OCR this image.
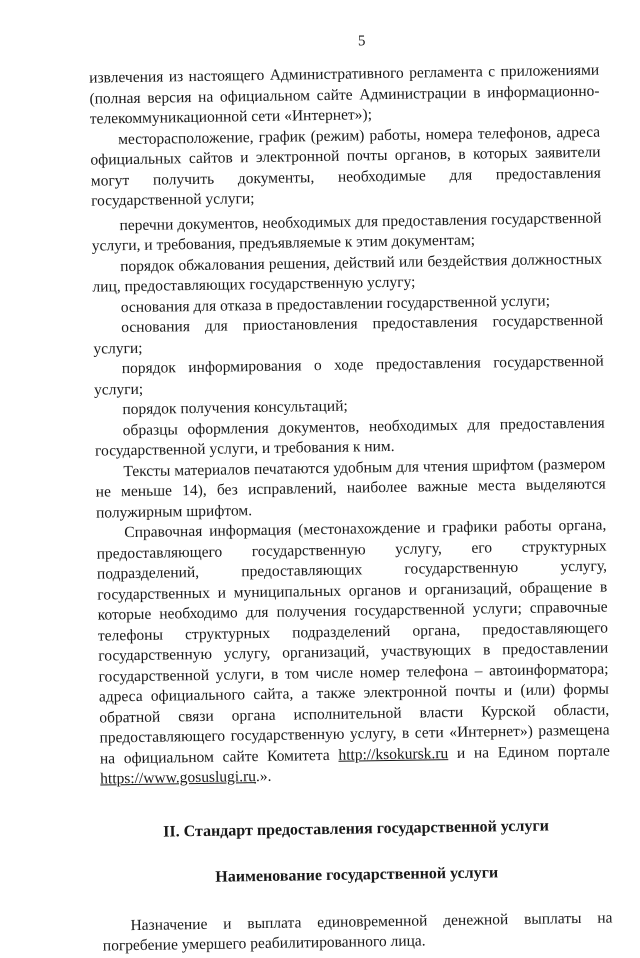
5

извлечения из настоящего Административного регламента с приложениями (полная версия на официальном сайте Администрации в информационно-телекоммуникационной сети «Интернет»);

месторасположение, график (режим) работы, номера телефонов, адреса официальных сайтов и электронной почты органов, в которых заявители могут получить документы, необходимые для предоставления государственной услуги;

перечни документов, необходимых для предоставления государственной услуги, и требования, предъявляемые к этим документам;

порядок обжалования решения, действий или бездействия должностных лиц, предоставляющих государственную услугу;

основания для отказа в предоставлении государственной услуги;

основания для приостановления предоставления государственной услуги;

порядок информирования о ходе предоставления государственной услуги;

порядок получения консультаций;

образцы оформления документов, необходимых для предоставления государственной услуги, и требования к ним.

Тексты материалов печатаются удобным для чтения шрифтом (размером не меньше 14), без исправлений, наиболее важные места выделяются полужирным шрифтом.

Справочная информация (местонахождение и графики работы органа, предоставляющего государственную услугу, его структурных подразделений, предоставляющих государственную услугу, государственных и муниципальных органов и организаций, обращение в которые необходимо для получения государственной услуги; справочные телефоны структурных подразделений органа, предоставляющего государственную услугу, организаций, участвующих в предоставлении государственной услуги, в том числе номер телефона – автоинформатора; адреса официального сайта, а также электронной почты и (или) формы обратной связи органа исполнительной власти Курской области, предоставляющего государственную услугу, в сети «Интернет») размещена на официальном сайте Комитета http://ksokursk.ru и на Едином портале https://www.gosuslugi.ru.».

II. Стандарт предоставления государственной услуги
Наименование государственной услуги

Назначение и выплата единовременной денежной выплаты на погребение умершего реабилитированного лица.
